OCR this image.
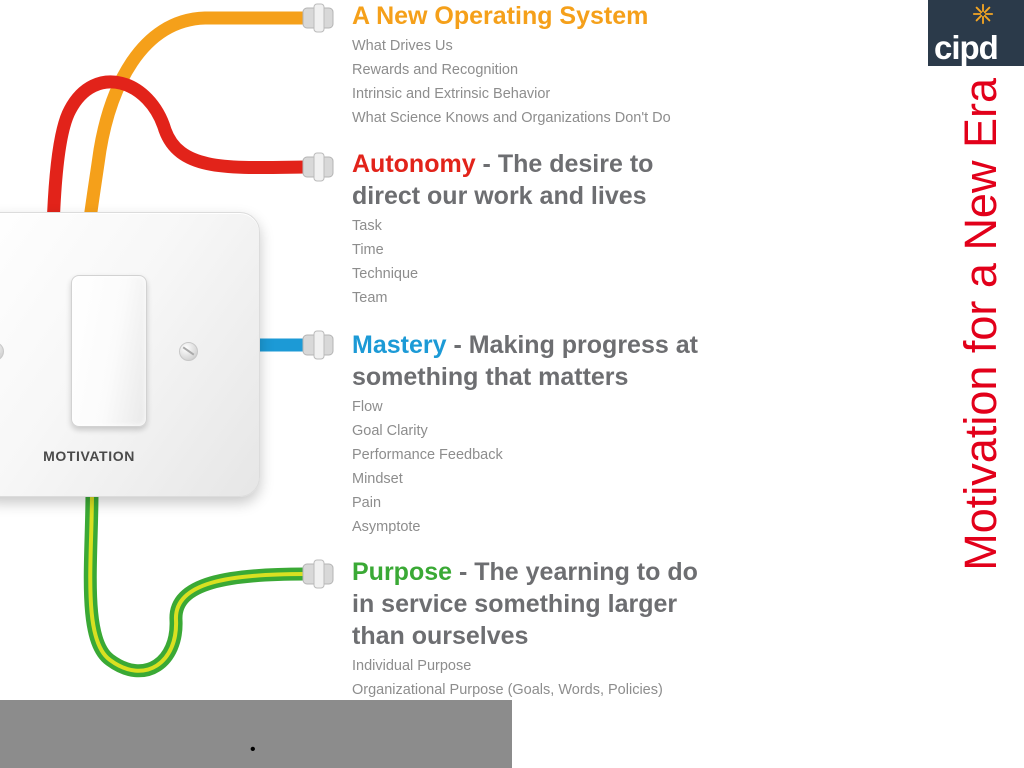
MOTIVATION
A New Operating System
What Drives Us
Rewards and Recognition
Intrinsic and Extrinsic Behavior
What Science Knows and Organizations Don't Do
Autonomy - The desire to direct our work and lives
Task
Time
Technique
Team
Mastery - Making progress at something that matters
Flow
Goal Clarity
Performance Feedback
Mindset
Pain
Asymptote
Purpose - The yearning to do in service something larger than ourselves
Individual Purpose
Organizational Purpose (Goals, Words, Policies)
•
Motivation for a New Era
cipd
